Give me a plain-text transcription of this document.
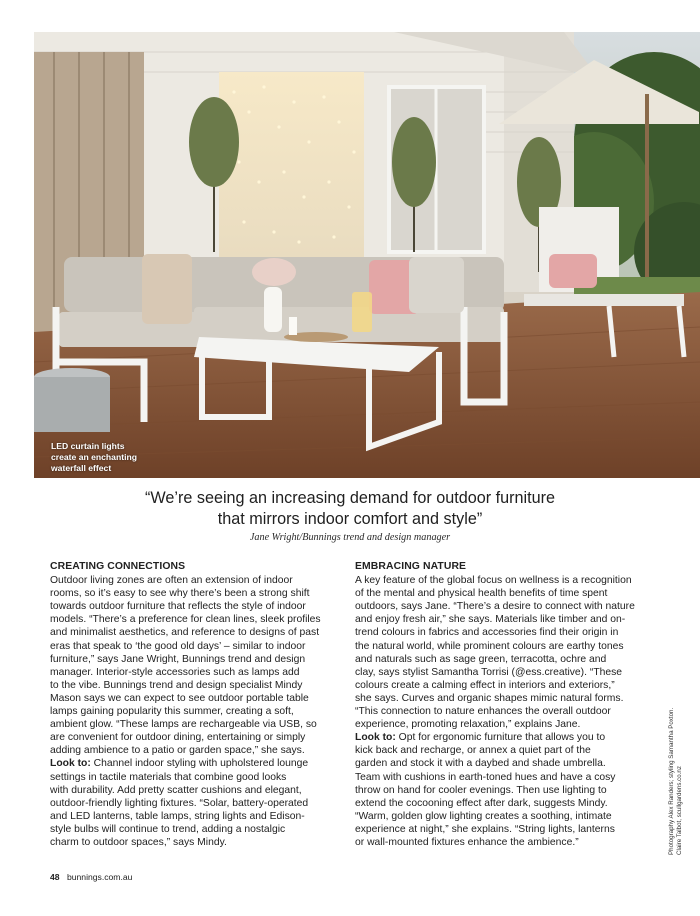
LED curtain lights
create an enchanting
waterfall effect
“We’re seeing an increasing demand for outdoor furniture
that mirrors indoor comfort and style”
Jane Wright/Bunnings trend and design manager
CREATING CONNECTIONS
Outdoor living zones are often an extension of indoor
rooms, so it’s easy to see why there’s been a strong shift
towards outdoor furniture that reflects the style of indoor
models. “There’s a preference for clean lines, sleek profiles
and minimalist aesthetics, and reference to designs of past
eras that speak to ‘the good old days’ – similar to indoor
furniture,” says Jane Wright, Bunnings trend and design
manager. Interior-style accessories such as lamps add
to the vibe. Bunnings trend and design specialist Mindy
Mason says we can expect to see outdoor portable table
lamps gaining popularity this summer, creating a soft,
ambient glow. “These lamps are rechargeable via USB, so
are convenient for outdoor dining, entertaining or simply
adding ambience to a patio or garden space,” she says.
Look to: Channel indoor styling with upholstered lounge
settings in tactile materials that combine good looks
with durability. Add pretty scatter cushions and elegant,
outdoor-friendly lighting fixtures. “Solar, battery-operated
and LED lanterns, table lamps, string lights and Edison-
style bulbs will continue to trend, adding a nostalgic
charm to outdoor spaces,” says Mindy.
EMBRACING NATURE
A key feature of the global focus on wellness is a recognition
of the mental and physical health benefits of time spent
outdoors, says Jane. “There’s a desire to connect with nature
and enjoy fresh air,” she says. Materials like timber and on-
trend colours in fabrics and accessories find their origin in
the natural world, while prominent colours are earthy tones
and naturals such as sage green, terracotta, ochre and
clay, says stylist Samantha Torrisi (@ess.creative). “These
colours create a calming effect in interiors and exteriors,”
she says. Curves and organic shapes mimic natural forms.
“This connection to nature enhances the overall outdoor
experience, promoting relaxation,” explains Jane.
Look to: Opt for ergonomic furniture that allows you to
kick back and recharge, or annex a quiet part of the
garden and stock it with a daybed and shade umbrella.
Team with cushions in earth-toned hues and have a cosy
throw on hand for cooler evenings. Then use lighting to
extend the cocooning effect after dark, suggests Mindy.
“Warm, golden glow lighting creates a soothing, intimate
experience at night,” she explains. “String lights, lanterns
or wall-mounted fixtures enhance the ambience.”	Photography Alex Randers; styling Samantha Poxton. Claire Talbot, scullgardens.co.nz
48 bunnings.com.au
